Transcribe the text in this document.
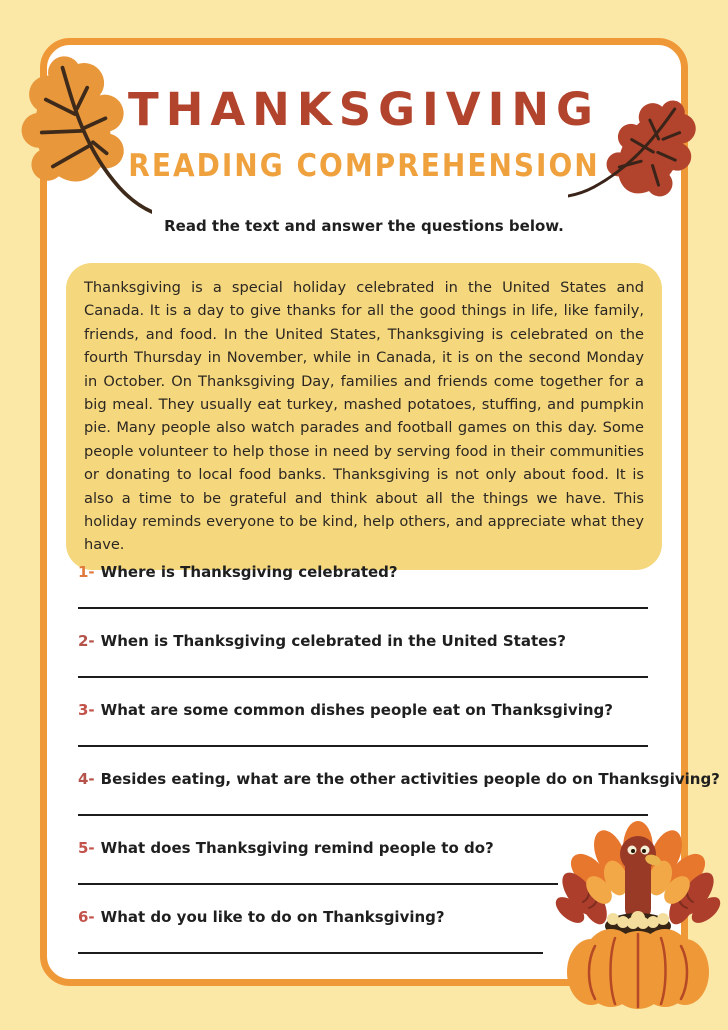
THANKSGIVING
READING COMPREHENSION

Read the text and answer the questions below.

Thanksgiving is a special holiday celebrated in the United States and Canada. It is a day to give thanks for all the good things in life, like family, friends, and food. In the United States, Thanksgiving is celebrated on the fourth Thursday in November, while in Canada, it is on the second Monday in October. On Thanksgiving Day, families and friends come together for a big meal. They usually eat turkey, mashed potatoes, stuffing, and pumpkin pie. Many people also watch parades and football games on this day. Some people volunteer to help those in need by serving food in their communities or donating to local food banks. Thanksgiving is not only about food. It is also a time to be grateful and think about all the things we have. This holiday reminds everyone to be kind, help others, and appreciate what they have.
1- Where is Thanksgiving celebrated?
2- When is Thanksgiving celebrated in the United States?
3- What are some common dishes people eat on Thanksgiving?
4- Besides eating, what are the other activities people do on Thanksgiving?
5- What does Thanksgiving remind people to do?
6- What do you like to do on Thanksgiving?
